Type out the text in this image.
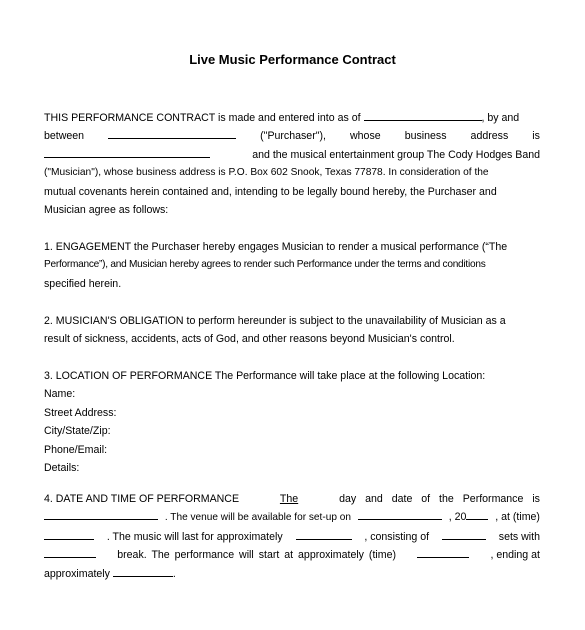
Live Music Performance Contract
THIS PERFORMANCE CONTRACT is made and entered into as of	, by and
between	("Purchaser"), whose business address is
and the musical entertainment group The Cody Hodges Band
("Musician"), whose business address is P.O. Box 602 Snook, Texas 77878. In consideration of the
mutual covenants herein contained and, intending to be legally bound hereby, the Purchaser and
Musician agree as follows:
1. ENGAGEMENT the Purchaser hereby engages Musician to render a musical performance (“The
Performance”), and Musician hereby agrees to render such Performance under the terms and conditions
specified herein.
2. MUSICIAN'S OBLIGATION to perform hereunder is subject to the unavailability of Musician as a
result of sickness, accidents, acts of God, and other reasons beyond Musician's control.
3. LOCATION OF PERFORMANCE The Performance will take place at the following Location:
Name:
Street Address:
City/State/Zip:
Phone/Email:
Details:
4. DATE AND TIME OF PERFORMANCE	The	day and date of the Performance is
. The venue will be available for set-up on	, 20	, at (time)
. The music will last for approximately	, consisting of	sets with
break. The performance will start at approximately (time)	, ending at
approximately	.
